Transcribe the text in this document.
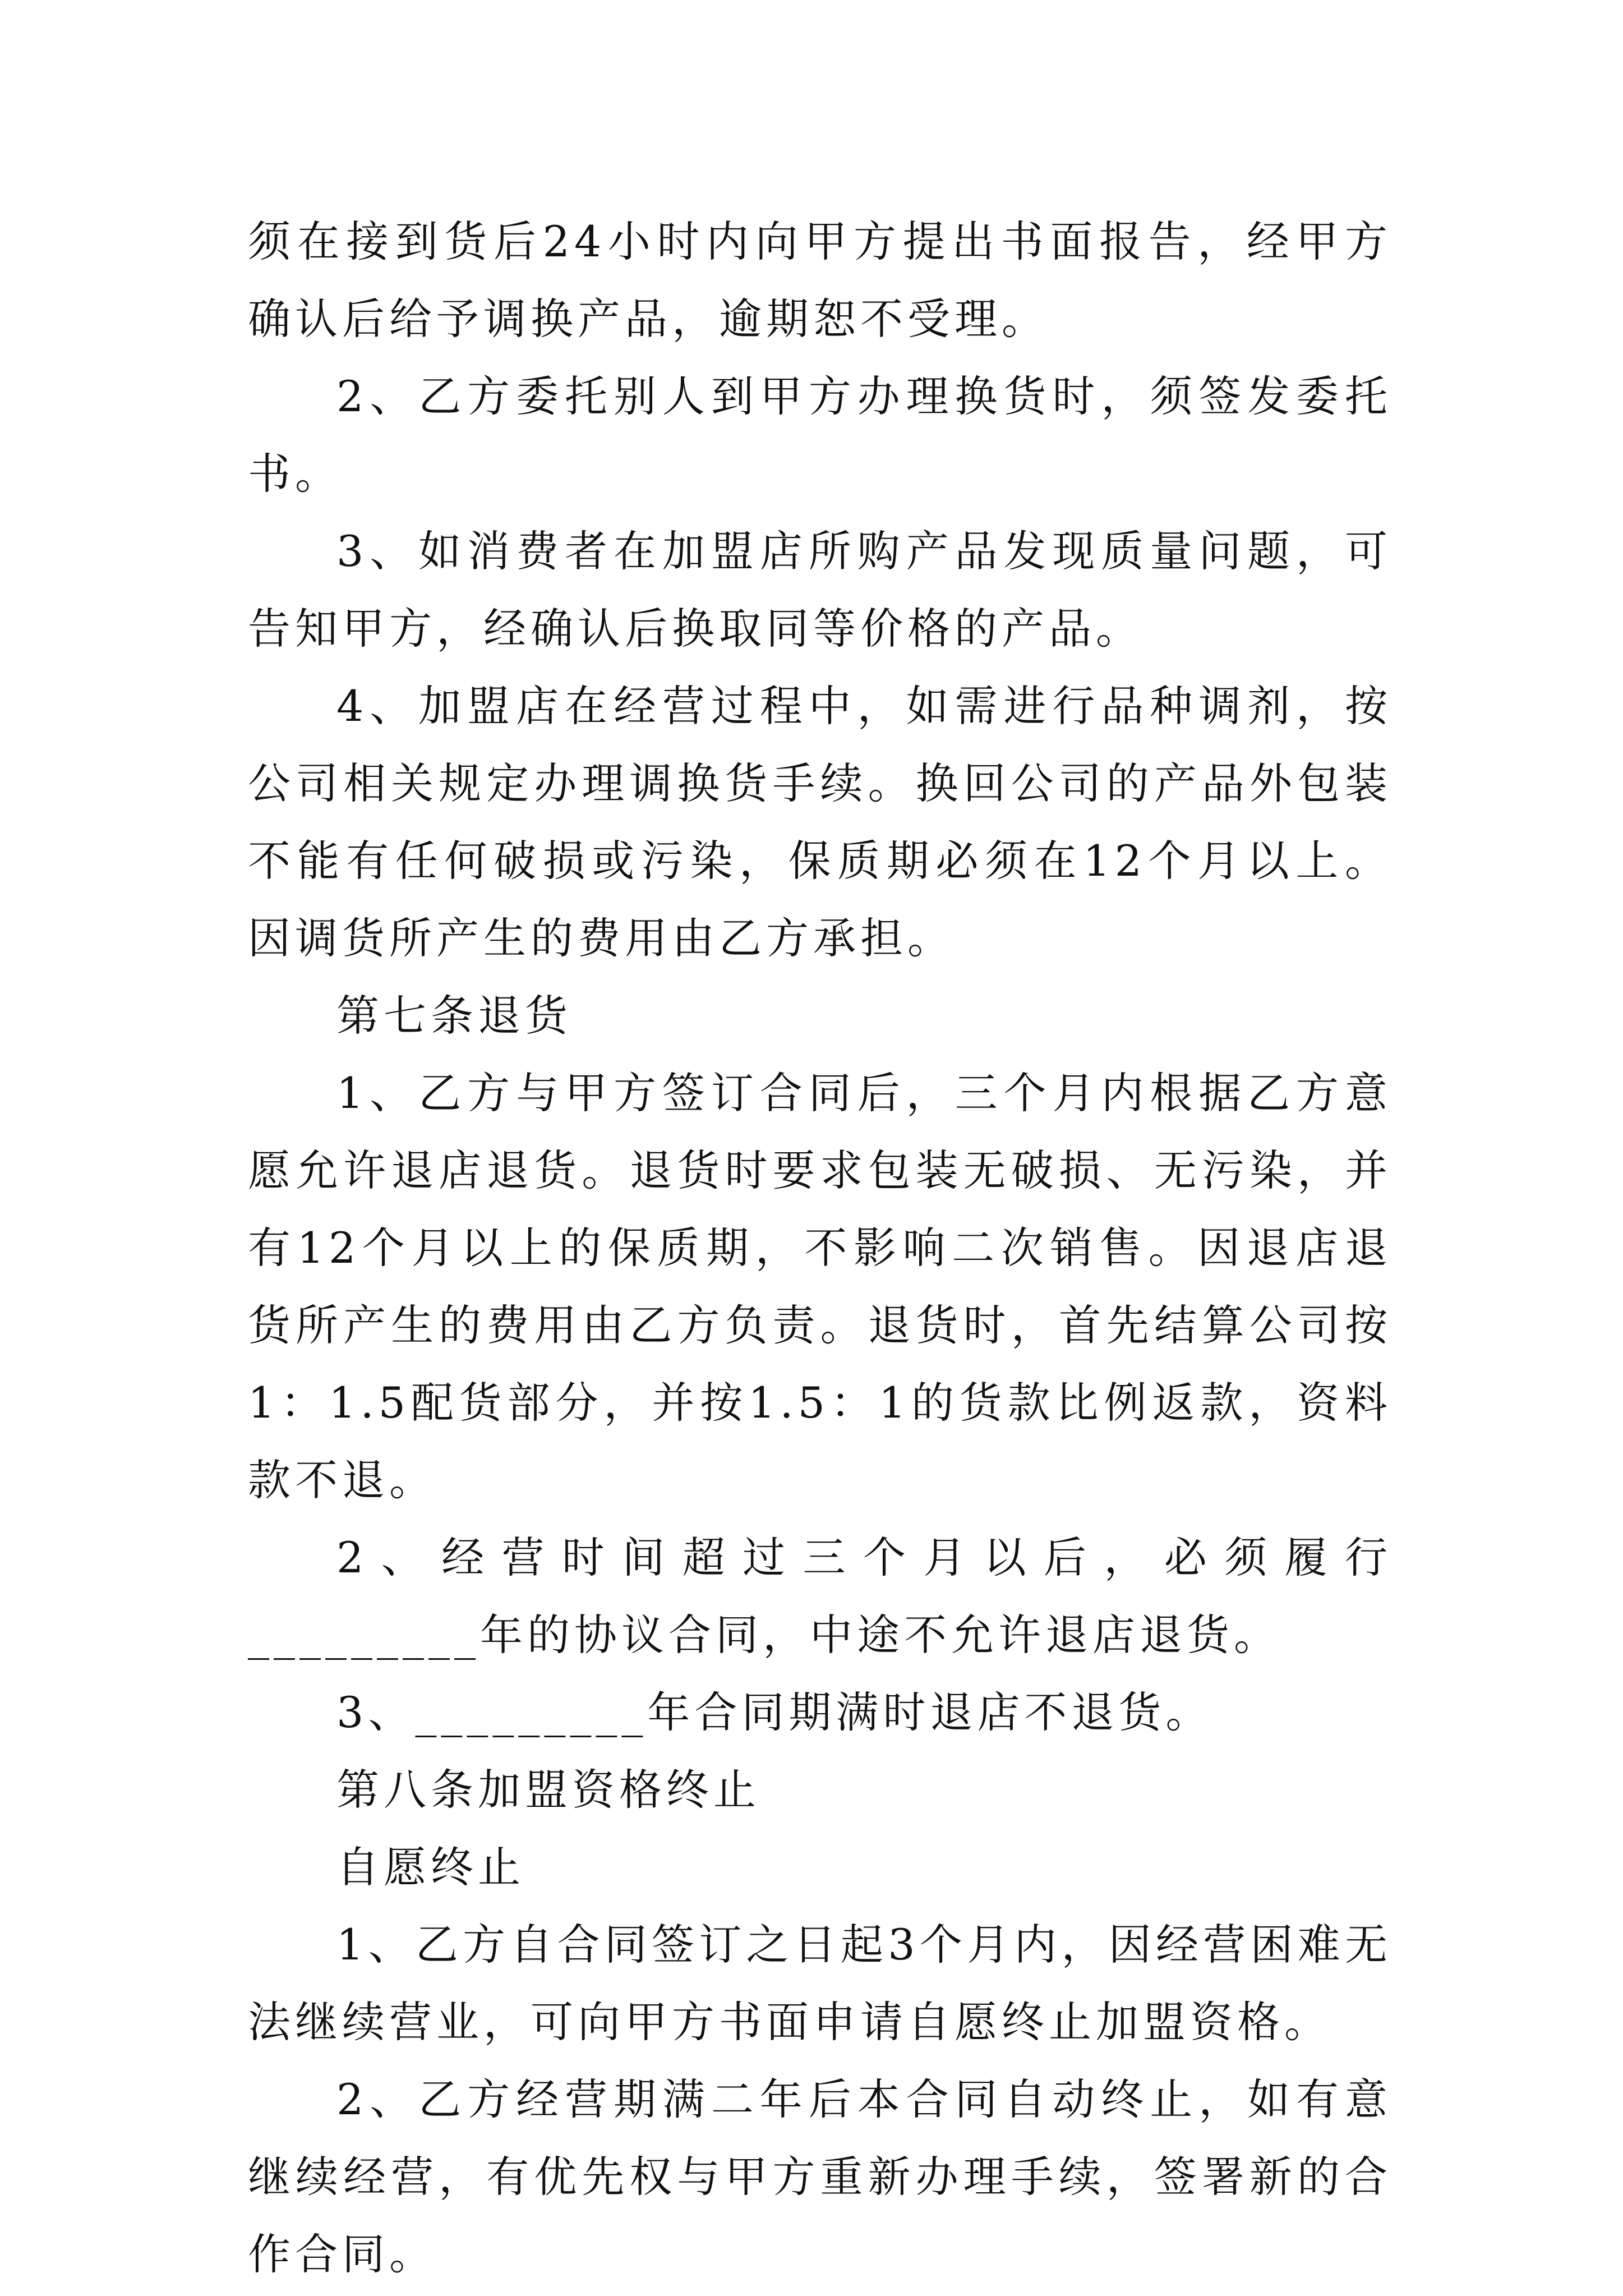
须在接到货后24小时内向甲方提出书面报告，经甲方确认后给予调换产品，逾期恕不受理。

2、乙方委托别人到甲方办理换货时，须签发委托书。

3、如消费者在加盟店所购产品发现质量问题，可告知甲方，经确认后换取同等价格的产品。

4、加盟店在经营过程中，如需进行品种调剂，按公司相关规定办理调换货手续。换回公司的产品外包装不能有任何破损或污染，保质期必须在12个月以上。因调货所产生的费用由乙方承担。

第七条退货

1、乙方与甲方签订合同后，三个月内根据乙方意愿允许退店退货。退货时要求包装无破损、无污染，并有12个月以上的保质期，不影响二次销售。因退店退货所产生的费用由乙方负责。退货时，首先结算公司按1：1.5配货部分，并按1.5：1的货款比例返款，资料款不退。

2、经营时间超过三个月以后，必须履行_________年的协议合同，中途不允许退店退货。

3、_________年合同期满时退店不退货。

第八条加盟资格终止

自愿终止

1、乙方自合同签订之日起3个月内，因经营困难无法继续营业，可向甲方书面申请自愿终止加盟资格。

2、乙方经营期满二年后本合同自动终止，如有意继续经营，有优先权与甲方重新办理手续，签署新的合作合同。
